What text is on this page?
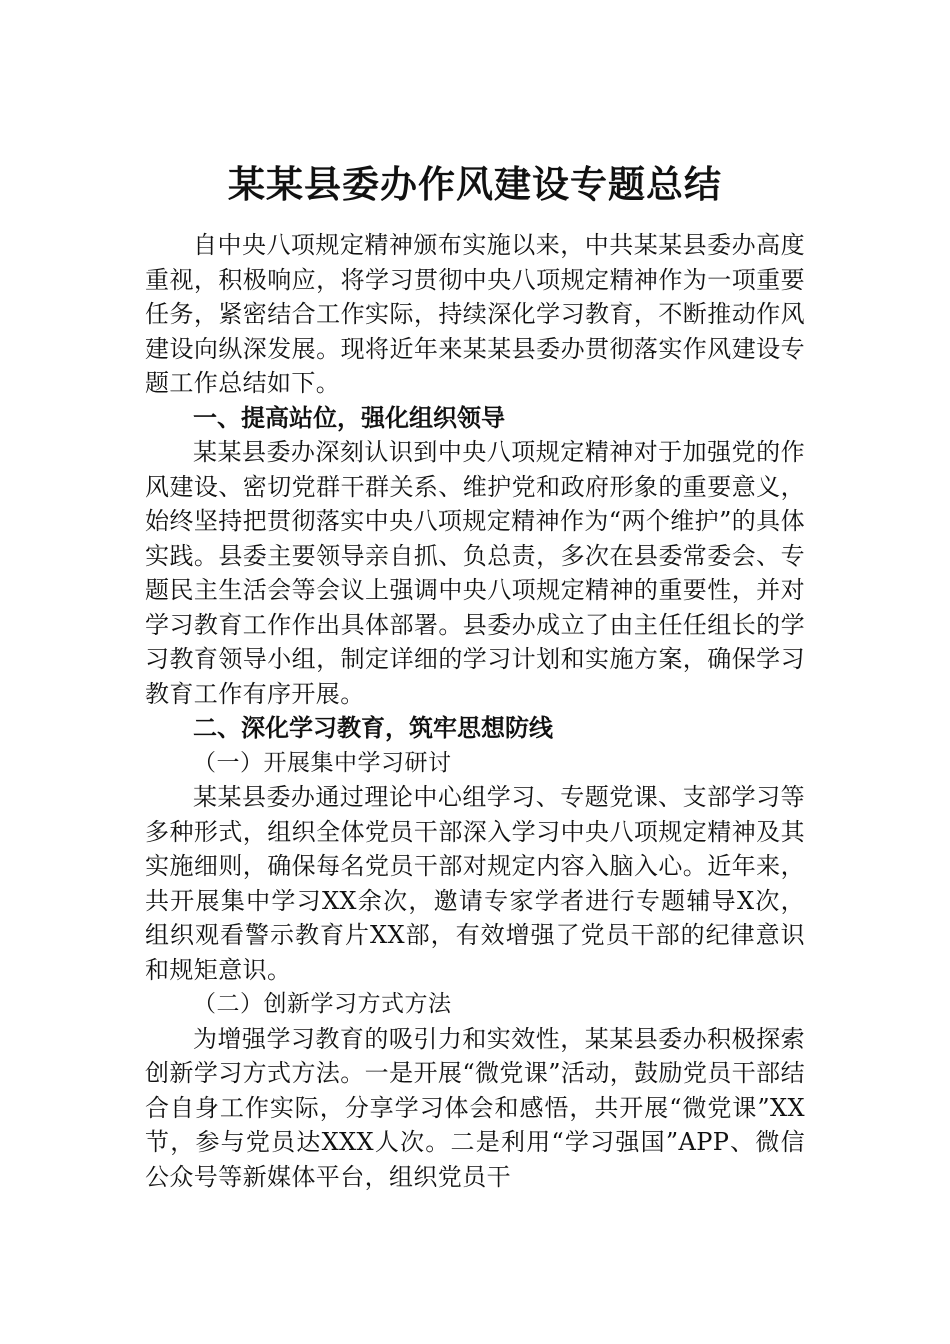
某某县委办作风建设专题总结

自中央八项规定精神颁布实施以来，中共某某县委办高度重视，积极响应，将学习贯彻中央八项规定精神作为一项重要任务，紧密结合工作实际，持续深化学习教育，不断推动作风建设向纵深发展。现将近年来某某县委办贯彻落实作风建设专题工作总结如下。

一、提高站位，强化组织领导

某某县委办深刻认识到中央八项规定精神对于加强党的作风建设、密切党群干群关系、维护党和政府形象的重要意义，始终坚持把贯彻落实中央八项规定精神作为“两个维护”的具体实践。县委主要领导亲自抓、负总责，多次在县委常委会、专题民主生活会等会议上强调中央八项规定精神的重要性，并对学习教育工作作出具体部署。县委办成立了由主任任组长的学习教育领导小组，制定详细的学习计划和实施方案，确保学习教育工作有序开展。

二、深化学习教育，筑牢思想防线

（一）开展集中学习研讨

某某县委办通过理论中心组学习、专题党课、支部学习等多种形式，组织全体党员干部深入学习中央八项规定精神及其实施细则，确保每名党员干部对规定内容入脑入心。近年来，共开展集中学习XX余次，邀请专家学者进行专题辅导X次，组织观看警示教育片XX部，有效增强了党员干部的纪律意识和规矩意识。

（二）创新学习方式方法

为增强学习教育的吸引力和实效性，某某县委办积极探索创新学习方式方法。一是开展“微党课”活动，鼓励党员干部结合自身工作实际，分享学习体会和感悟，共开展“微党课”XX节，参与党员达XXX人次。二是利用“学习强国”APP、微信公众号等新媒体平台，组织党员干
